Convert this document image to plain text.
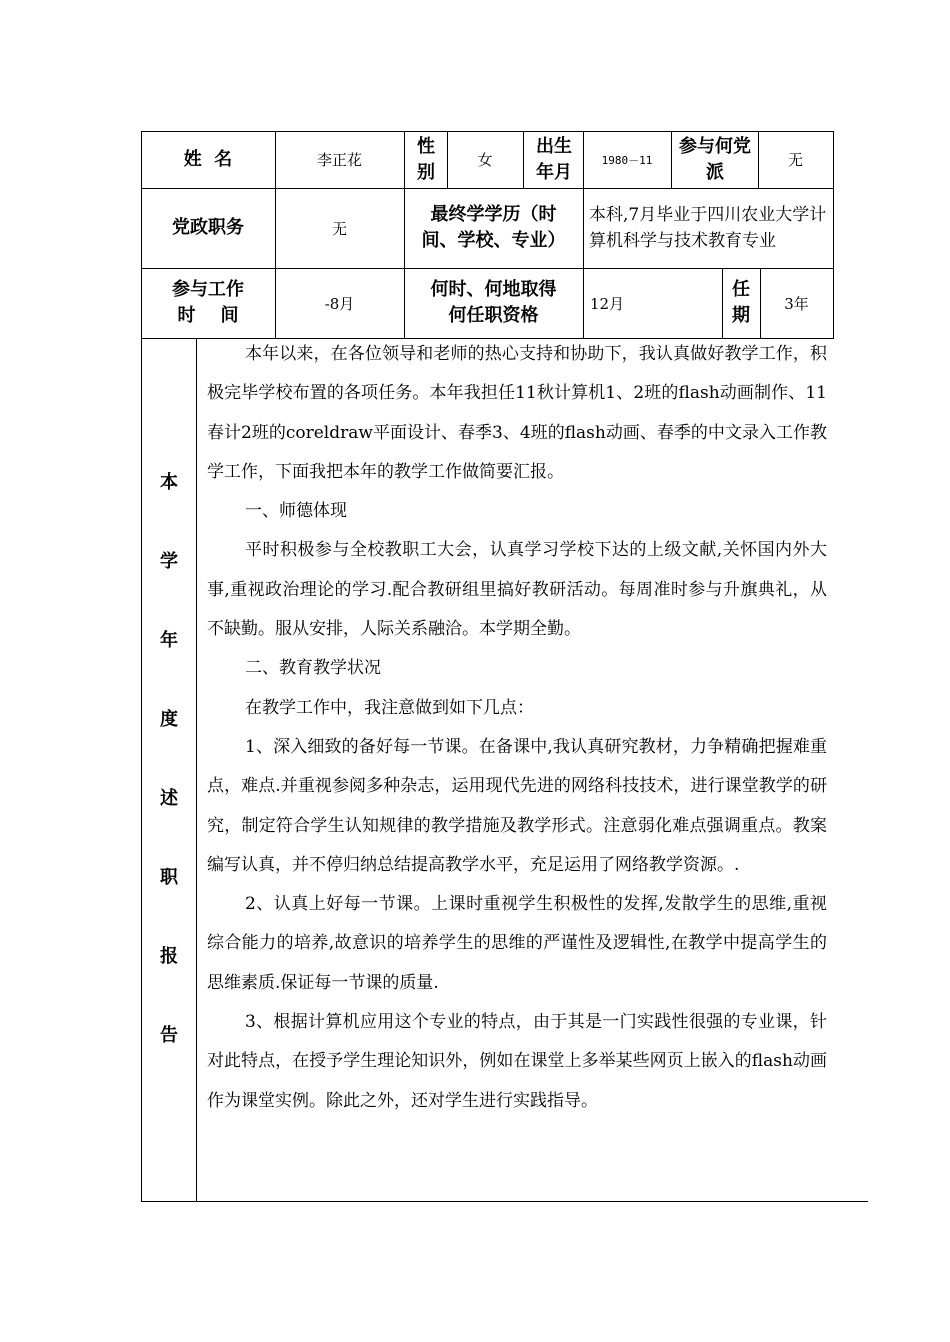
姓  名	李正花
性别
女
出生年月
1980－11
参与何党 派
无
党政职务	无
最终学学历（时间、学校、专业）
本科,7月毕业于四川农业大学计算机科学与技术教育专业
参与工作时    间
-8月
何时、何地取得何任职资格
12月
任期
3年
本
学
年
度
述
职
报
告

本年以来，在各位领导和老师的热心支持和协助下，我认真做好教学工作，积极完毕学校布置的各项任务。本年我担任11秋计算机1、2班的flash动画制作、11春计2班的coreldraw平面设计、春季3、4班的flash动画、春季的中文录入工作教学工作，下面我把本年的教学工作做简要汇报。

一、师德体现

平时积极参与全校教职工大会，认真学习学校下达的上级文献,关怀国内外大事,重视政治理论的学习.配合教研组里搞好教研活动。每周准时参与升旗典礼，从不缺勤。服从安排，人际关系融洽。本学期全勤。

二、教育教学状况

在教学工作中，我注意做到如下几点：

1、深入细致的备好每一节课。在备课中,我认真研究教材，力争精确把握难重点，难点.并重视参阅多种杂志，运用现代先进的网络科技技术，进行课堂教学的研究，制定符合学生认知规律的教学措施及教学形式。注意弱化难点强调重点。教案编写认真，并不停归纳总结提高教学水平，充足运用了网络教学资源。.

2、认真上好每一节课。上课时重视学生积极性的发挥,发散学生的思维,重视综合能力的培养,故意识的培养学生的思维的严谨性及逻辑性,在教学中提高学生的思维素质.保证每一节课的质量.

3、根据计算机应用这个专业的特点，由于其是一门实践性很强的专业课，针对此特点，在授予学生理论知识外，例如在课堂上多举某些网页上嵌入的flash动画作为课堂实例。除此之外，还对学生进行实践指导。
